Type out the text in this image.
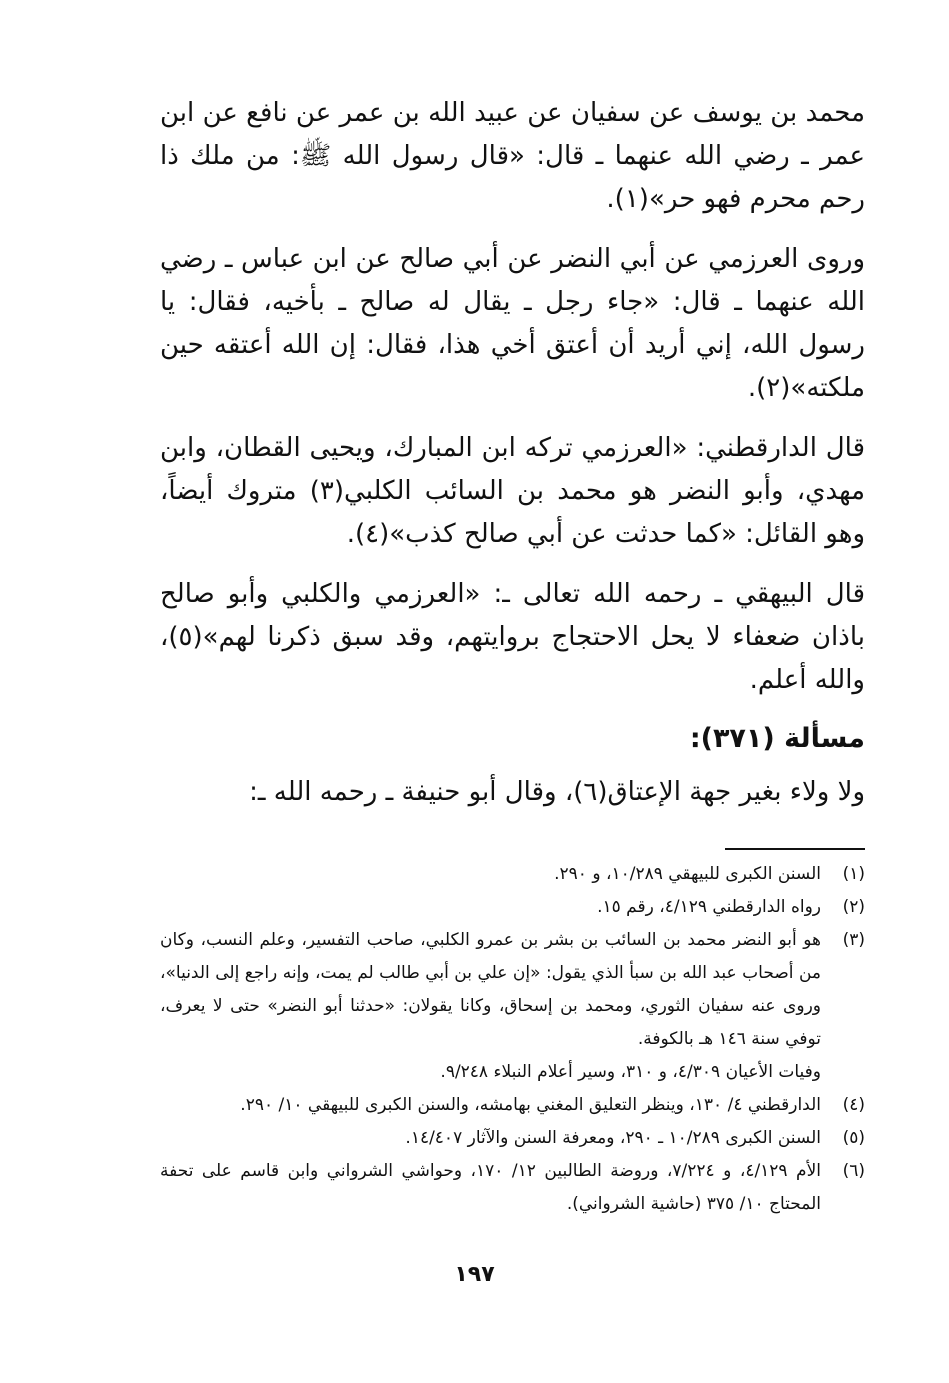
محمد بن يوسف عن سفيان عن عبيد الله بن عمر عن نافع عن ابن عمر ـ رضي الله عنهما ـ قال: «قال رسول الله ﷺ: من ملك ذا رحم محرم فهو حر»(١).

وروى العرزمي عن أبي النضر عن أبي صالح عن ابن عباس ـ رضي الله عنهما ـ قال: «جاء رجل ـ يقال له صالح ـ بأخيه، فقال: يا رسول الله، إني أريد أن أعتق أخي هذا، فقال: إن الله أعتقه حين ملكته»(٢).

قال الدارقطني: «العرزمي تركه ابن المبارك، ويحيى القطان، وابن مهدي، وأبو النضر هو محمد بن السائب الكلبي(٣) متروك أيضاً، وهو القائل: «كما حدثت عن أبي صالح كذب»(٤).

قال البيهقي ـ رحمه الله تعالى ـ: «العرزمي والكلبي وأبو صالح باذان ضعفاء لا يحل الاحتجاج بروايتهم، وقد سبق ذكرنا لهم»(٥)، والله أعلم.

مسألة (٣٧١):

ولا ولاء بغير جهة الإعتاق(٦)، وقال أبو حنيفة ـ رحمه الله ـ:

(١)
السنن الكبرى للبيهقي ١٠/٢٨٩، و ٢٩٠.
(٢)
رواه الدارقطني ٤/١٢٩، رقم ١٥.
(٣)
هو أبو النضر محمد بن السائب بن بشر بن عمرو الكلبي، صاحب التفسير، وعلم النسب، وكان من أصحاب عبد الله بن سبأ الذي يقول: «إن علي بن أبي طالب لم يمت، وإنه راجع إلى الدنيا»، وروى عنه سفيان الثوري، ومحمد بن إسحاق، وكانا يقولان: «حدثنا أبو النضر» حتى لا يعرف، توفي سنة ١٤٦ هـ بالكوفة.
وفيات الأعيان ٤/٣٠٩، و ٣١٠، وسير أعلام النبلاء ٩/٢٤٨.
(٤)
الدارقطني ٤/ ١٣٠، وينظر التعليق المغني بهامشه، والسنن الكبرى للبيهقي ١٠/ ٢٩٠.
(٥)
السنن الكبرى ١٠/٢٨٩ ـ ٢٩٠، ومعرفة السنن والآثار ١٤/٤٠٧.
(٦)
الأم ٤/١٢٩، و ٧/٢٢٤، وروضة الطالبين ١٢/ ١٧٠، وحواشي الشرواني وابن قاسم على تحفة المحتاج ١٠/ ٣٧٥ (حاشية الشرواني).
١٩٧
